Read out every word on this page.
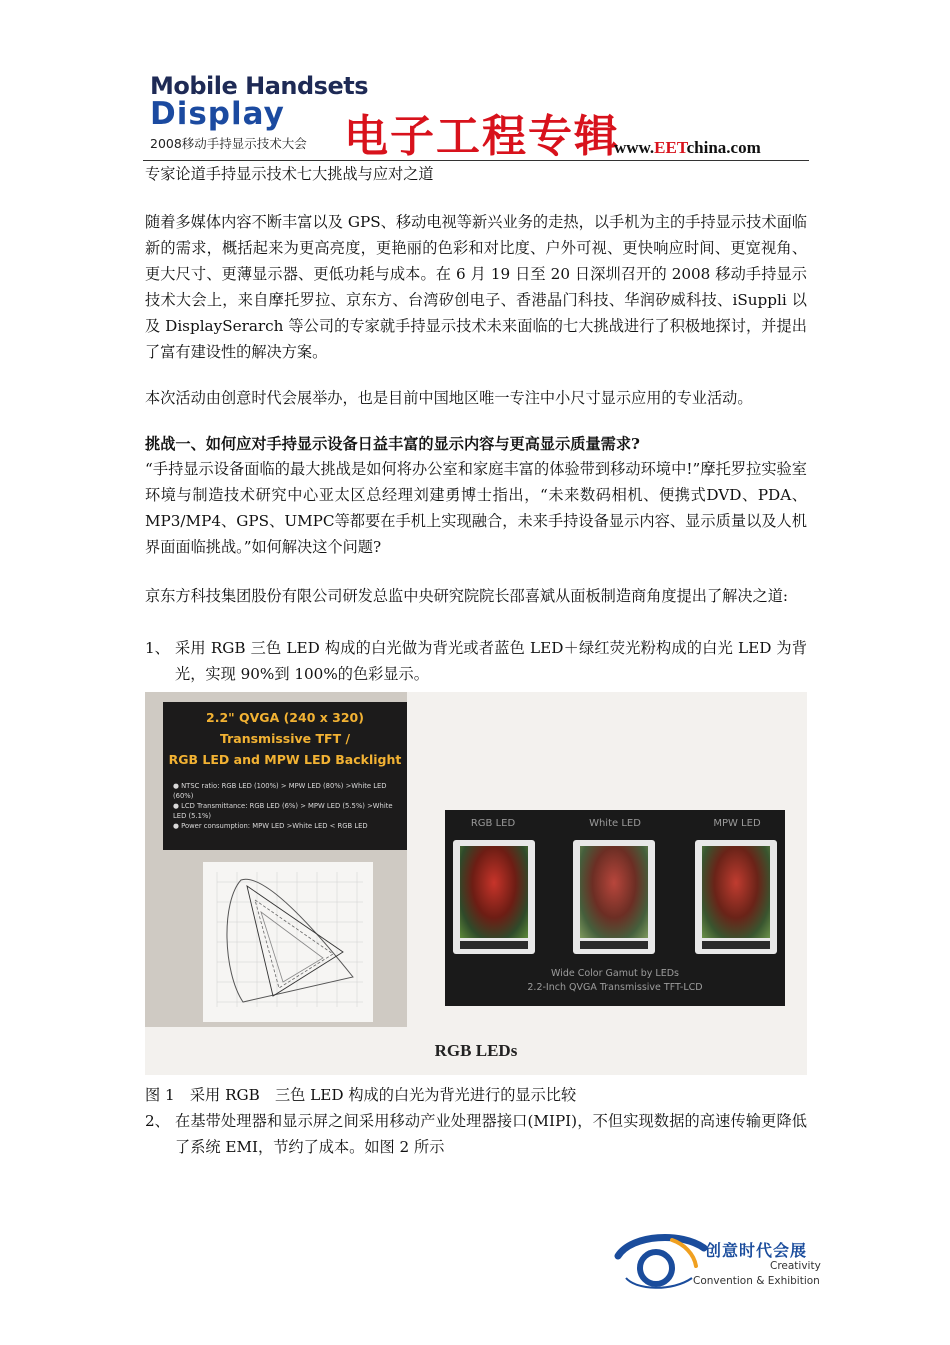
Mobile Handsets
Display
2008移动手持显示技术大会 电子工程专辑
www.EETchina.com
专家论道手持显示技术七大挑战与应对之道
随着多媒体内容不断丰富以及 GPS、移动电视等新兴业务的走热，以手机为主的手持显示技术面临新的需求，概括起来为更高亮度，更艳丽的色彩和对比度、户外可视、更快响应时间、更宽视角、更大尺寸、更薄显示器、更低功耗与成本。在 6 月 19 日至 20 日深圳召开的 2008 移动手持显示技术大会上，来自摩托罗拉、京东方、台湾矽创电子、香港晶门科技、华润矽威科技、iSuppli 以及 DisplaySerarch 等公司的专家就手持显示技术未来面临的七大挑战进行了积极地探讨，并提出了富有建设性的解决方案。
本次活动由创意时代会展举办，也是目前中国地区唯一专注中小尺寸显示应用的专业活动。
挑战一、如何应对手持显示设备日益丰富的显示内容与更高显示质量需求?
“手持显示设备面临的最大挑战是如何将办公室和家庭丰富的体验带到移动环境中!”摩托罗拉实验室环境与制造技术研究中心亚太区总经理刘建勇博士指出，“未来数码相机、便携式DVD、PDA、MP3/MP4、GPS、UMPC等都要在手机上实现融合，未来手持设备显示内容、显示质量以及人机界面面临挑战。”如何解决这个问题?
京东方科技集团股份有限公司研发总监中央研究院院长邵喜斌从面板制造商角度提出了解决之道:
1、 采用 RGB 三色 LED 构成的白光做为背光或者蓝色 LED＋绿红荧光粉构成的白光 LED 为背光，实现 90%到 100%的色彩显示。
2.2" QVGA (240 x 320)
Transmissive TFT /
RGB LED and MPW LED Backlight
● NTSC ratio: RGB LED (100%) > MPW LED (80%) >White LED (60%)
● LCD Transmittance: RGB LED (6%) > MPW LED (5.5%) >White LED (5.1%)
● Power consumption: MPW LED >White LED < RGB LED	RGB LED	White LED	MPW LED
Wide Color Gamut by LEDs
2.2-Inch QVGA Transmissive TFT-LCD
RGB LEDs
图 1　采用 RGB　三色 LED 构成的白光为背光进行的显示比较
2、 在基带处理器和显示屏之间采用移动产业处理器接口(MIPI)，不但实现数据的高速传输更降低了系统 EMI，节约了成本。如图 2 所示
创意时代会展
Creativity
Convention & Exhibition
